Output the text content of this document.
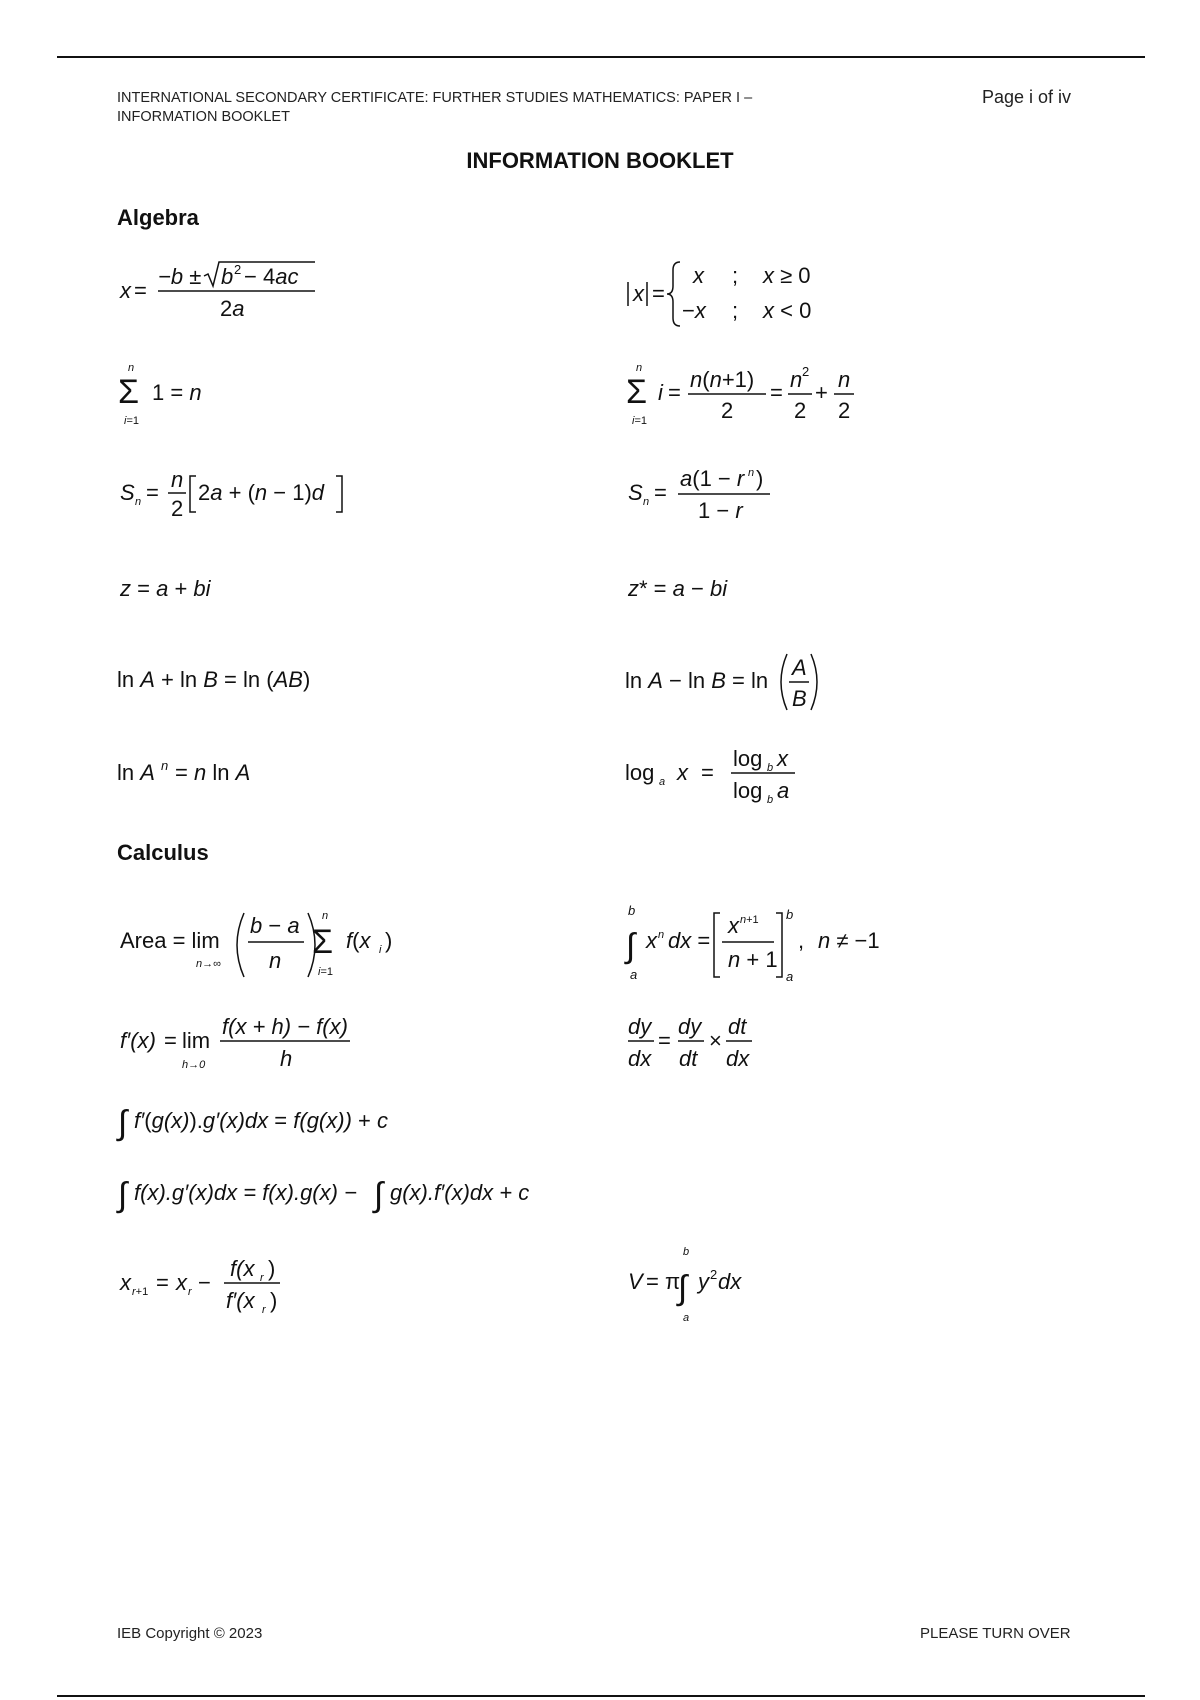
INTERNATIONAL SECONDARY CERTIFICATE: FURTHER STUDIES MATHEMATICS: PAPER I –
INFORMATION BOOKLET
Page i of iv
INFORMATION BOOKLET
Algebra
x =
−b ± b 2 − 4ac
2a
x =
x ; x ≥ 0
−x ; x < 0
n
Σ
i=1
1 = n
n
Σ
i=1
i =
n(n+1)
2
=
n 2
2
+
n
2
S n =
n
2
2a + (n − 1)d	S n =
a(1 − r n )
1 − r
z = a + bi	z* = a − bi
ln A + ln B = ln (AB)	ln A − ln B = ln
A
B
ln A n = n ln A	log a x =
log b x
log b a
Calculus
Area = lim
n→∞
b − a
n
n
Σ
i=1
f(x i )
b
∫
a
x n dx =
x n+1
n + 1
b
a
, n ≠ −1
f′(x) = lim
h→0
f(x + h) − f(x)
h
dy
dx
=
dy
dt
×
dt
dx
∫ f′(g(x)).g′(x)dx = f(g(x)) + c
∫ f(x).g′(x)dx = f(x).g(x) − ∫ g(x).f′(x)dx + c
x r+1 = x r −
f(x r )
f′(x r )
V = π
b
∫
a
y 2 dx
IEB Copyright © 2023	PLEASE TURN OVER
